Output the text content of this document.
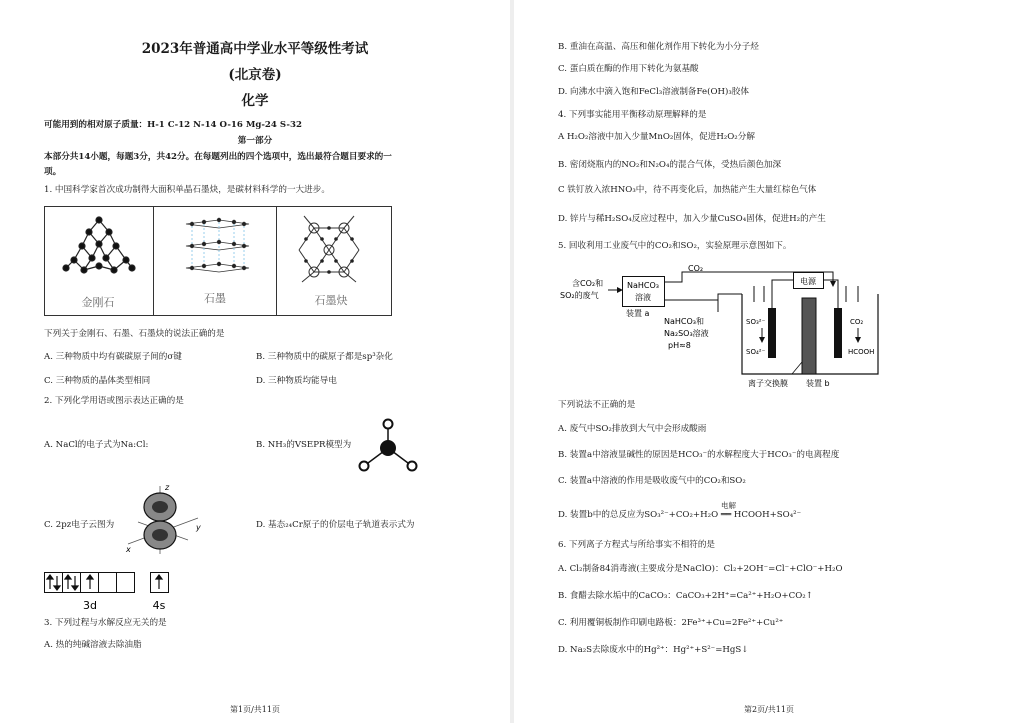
2023年普通高中学业水平等级性考试
(北京卷)
化学
可能用到的相对原子质量：H-1 C-12 N-14 O-16 Mg-24 S-32
第一部分
本部分共14小题，每题3分，共42分。在每题列出的四个选项中，选出最符合题目要求的一
项。
1. 中国科学家首次成功制得大面积单晶石墨炔，是碳材料科学的一大进步。
金刚石	石墨	石墨炔
下列关于金刚石、石墨、石墨炔的说法正确的是
A. 三种物质中均有碳碳原子间的σ键	B. 三种物质中的碳原子都是sp³杂化
C. 三种物质的晶体类型相同	D. 三种物质均能导电
2. 下列化学用语或图示表达正确的是
A. NaCl的电子式为Na:Cl:	B. NH₃的VSEPR模型为
C. 2pz电子云图为
z
y
x
D. 基态₂₄Cr原子的价层电子轨道表示式为
3d	4s
3. 下列过程与水解反应无关的是
A. 热的纯碱溶液去除油脂
第1页/共11页
B. 重油在高温、高压和催化剂作用下转化为小分子烃
C. 蛋白质在酶的作用下转化为氨基酸
D. 向沸水中滴入饱和FeCl₃溶液制备Fe(OH)₃胶体
4. 下列事实能用平衡移动原理解释的是
A H₂O₂溶液中加入少量MnO₂固体，促进H₂O₂分解
B. 密闭烧瓶内的NO₂和N₂O₄的混合气体，受热后颜色加深
C 铁钉放入浓HNO₃中，待不再变化后，加热能产生大量红棕色气体
D. 锌片与稀H₂SO₄反应过程中，加入少量CuSO₄固体，促进H₂的产生
5. 回收利用工业废气中的CO₂和SO₂，实验原理示意图如下。
含CO₂和
SO₂的废气
NaHCO₃
溶液
装置 a
CO₂
NaHCO₃和
Na₂SO₃溶液
pH≈8
电源
SO₃²⁻
SO₄²⁻
CO₂
HCOOH
离子交换膜 装置 b
下列说法不正确的是
A. 废气中SO₂排放到大气中会形成酸雨
B. 装置a中溶液显碱性的原因是HCO₃⁻的水解程度大于HCO₃⁻的电离程度
C. 装置a中溶液的作用是吸收废气中的CO₂和SO₂
电解
D. 装置b中的总反应为SO₃²⁻+CO₂+H₂O ══ HCOOH+SO₄²⁻
6. 下列离子方程式与所给事实不相符的是
A. Cl₂制备84消毒液(主要成分是NaClO)：Cl₂+2OH⁻=Cl⁻+ClO⁻+H₂O
B. 食醋去除水垢中的CaCO₃：CaCO₃+2H⁺=Ca²⁺+H₂O+CO₂↑
C. 利用覆铜板制作印刷电路板：2Fe³⁺+Cu=2Fe²⁺+Cu²⁺
D. Na₂S去除废水中的Hg²⁺：Hg²⁺+S²⁻=HgS↓
第2页/共11页
